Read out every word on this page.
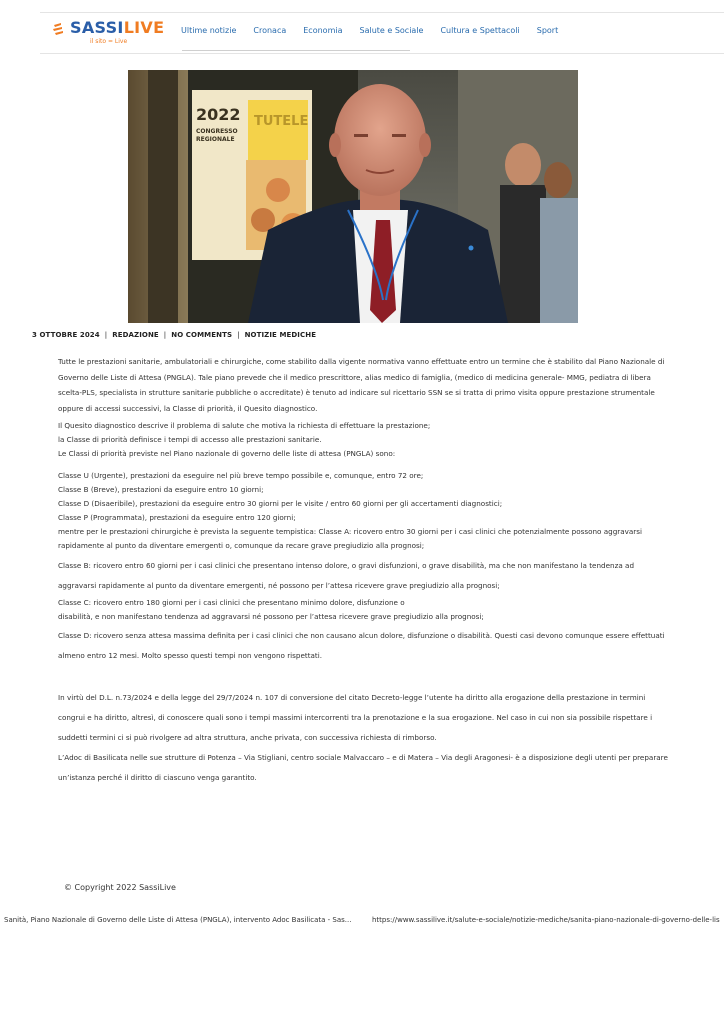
SASSILIVE
il sito = Live
Ultime notizie Cronaca Economia Salute e Sociale Cultura e Spettacoli Sport
2022
CONGRESSO
REGIONALE
TUTELE
3 OTTOBRE 2024 | REDAZIONE | NO COMMENTS | NOTIZIE MEDICHE

Tutte le prestazioni sanitarie, ambulatoriali e chirurgiche, come stabilito dalla vigente normativa vanno effettuate entro un termine che è stabilito dal Piano Nazionale di Governo delle Liste di Attesa (PNGLA). Tale piano prevede che il medico prescrittore, alias medico di famiglia, (medico di medicina generale- MMG, pediatra di libera scelta-PLS, specialista in strutture sanitarie pubbliche o accreditate) è tenuto ad indicare sul ricettario SSN se si tratta di primo visita oppure prestazione strumentale oppure di accessi successivi, la Classe di priorità, il Quesito diagnostico.

Il Quesito diagnostico descrive il problema di salute che motiva la richiesta di effettuare la prestazione;

la Classe di priorità definisce i tempi di accesso alle prestazioni sanitarie.

Le Classi di priorità previste nel Piano nazionale di governo delle liste di attesa (PNGLA) sono:

Classe U (Urgente), prestazioni da eseguire nel più breve tempo possibile e, comunque, entro 72 ore;

Classe B (Breve), prestazioni da eseguire entro 10 giorni;

Classe D (Disaeribile), prestazioni da eseguire entro 30 giorni per le visite / entro 60 giorni per gli accertamenti diagnostici;

Classe P (Programmata), prestazioni da eseguire entro 120 giorni;

mentre per le prestazioni chirurgiche è prevista la seguente tempistica: Classe A: ricovero entro 30 giorni per i casi clinici che potenzialmente possono aggravarsi rapidamente al punto da diventare emergenti o, comunque da recare grave pregiudizio alla prognosi;

Classe B: ricovero entro 60 giorni per i casi clinici che presentano intenso dolore, o gravi disfunzioni, o grave disabilità, ma che non manifestano la tendenza ad aggravarsi rapidamente al punto da diventare emergenti, né possono per l’attesa ricevere grave pregiudizio alla prognosi;

Classe C: ricovero entro 180 giorni per i casi clinici che presentano minimo dolore, disfunzione o

disabilità, e non manifestano tendenza ad aggravarsi né possono per l’attesa ricevere grave pregiudizio alla prognosi;

Classe D: ricovero senza attesa massima definita per i casi clinici che non causano alcun dolore, disfunzione o disabilità. Questi casi devono comunque essere effettuati almeno entro 12 mesi. Molto spesso questi tempi non vengono rispettati.

In virtù del D.L. n.73/2024 e della legge del 29/7/2024 n. 107 di conversione del citato Decreto-legge l’utente ha diritto alla erogazione della prestazione in termini congrui e ha diritto, altresì, di conoscere quali sono i tempi massimi intercorrenti tra la prenotazione e la sua erogazione. Nel caso in cui non sia possibile rispettare i suddetti termini ci si può rivolgere ad altra struttura, anche privata, con successiva richiesta di rimborso.

L’Adoc di Basilicata nelle sue strutture di Potenza – Via Stigliani, centro sociale Malvaccaro – e di Matera – Via degli Aragonesi- è a disposizione degli utenti per preparare un’istanza perché il diritto di ciascuno venga garantito.

© Copyright 2022 SassiLive
Sanità, Piano Nazionale di Governo delle Liste di Attesa (PNGLA), intervento Adoc Basilicata - Sas...	https://www.sassilive.it/salute-e-sociale/notizie-mediche/sanita-piano-nazionale-di-governo-delle-lis
